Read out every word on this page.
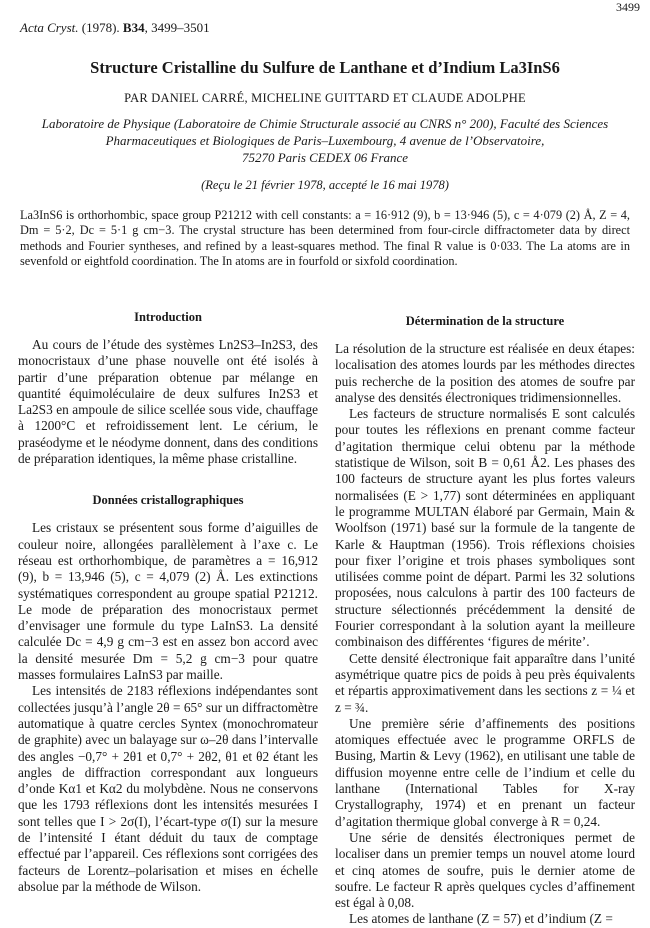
3499
Acta Cryst. (1978). B34, 3499–3501
Structure Cristalline du Sulfure de Lanthane et d’Indium La3InS6
PAR DANIEL CARRÉ, MICHELINE GUITTARD ET CLAUDE ADOLPHE
Laboratoire de Physique (Laboratoire de Chimie Structurale associé au CNRS n° 200), Faculté des Sciences
Pharmaceutiques et Biologiques de Paris–Luxembourg, 4 avenue de l’Observatoire,
75270 Paris CEDEX 06 France
(Reçu le 21 février 1978, accepté le 16 mai 1978)
La3InS6 is orthorhombic, space group P21212 with cell constants: a = 16·912 (9), b = 13·946 (5), c = 4·079 (2) Å, Z = 4, Dm = 5·2, Dc = 5·1 g cm−3. The crystal structure has been determined from four-circle diffractometer data by direct methods and Fourier syntheses, and refined by a least-squares method. The final R value is 0·033. The La atoms are in sevenfold or eightfold coordination. The In atoms are in fourfold or sixfold coordination.
Introduction

Au cours de l’étude des systèmes Ln2S3–In2S3, des monocristaux d’une phase nouvelle ont été isolés à partir d’une préparation obtenue par mélange en quantité équimoléculaire de deux sulfures In2S3 et La2S3 en ampoule de silice scellée sous vide, chauffage à 1200°C et refroidissement lent. Le cérium, le praséodyme et le néodyme donnent, dans des conditions de préparation identiques, la même phase cristalline.

Données cristallographiques

Les cristaux se présentent sous forme d’aiguilles de couleur noire, allongées parallèlement à l’axe c. Le réseau est orthorhombique, de paramètres a = 16,912 (9), b = 13,946 (5), c = 4,079 (2) Å. Les extinctions systématiques correspondent au groupe spatial P21212. Le mode de préparation des monocristaux permet d’envisager une formule du type LaInS3. La densité calculée Dc = 4,9 g cm−3 est en assez bon accord avec la densité mesurée Dm = 5,2 g cm−3 pour quatre masses formulaires LaInS3 par maille.

Les intensités de 2183 réflexions indépendantes sont collectées jusqu’à l’angle 2θ = 65° sur un diffractomètre automatique à quatre cercles Syntex (monochromateur de graphite) avec un balayage sur ω–2θ dans l’intervalle des angles −0,7° + 2θ1 et 0,7° + 2θ2, θ1 et θ2 étant les angles de diffraction correspondant aux longueurs d’onde Kα1 et Kα2 du molybdène. Nous ne conservons que les 1793 réflexions dont les intensités mesurées I sont telles que I > 2σ(I), l’écart-type σ(I) sur la mesure de l’intensité I étant déduit du taux de comptage effectué par l’appareil. Ces réflexions sont corrigées des facteurs de Lorentz–polarisation et mises en échelle absolue par la méthode de Wilson.

Détermination de la structure

La résolution de la structure est réalisée en deux étapes: localisation des atomes lourds par les méthodes directes puis recherche de la position des atomes de soufre par analyse des densités électroniques tridimensionnelles.

Les facteurs de structure normalisés E sont calculés pour toutes les réflexions en prenant comme facteur d’agitation thermique celui obtenu par la méthode statistique de Wilson, soit B = 0,61 Å2. Les phases des 100 facteurs de structure ayant les plus fortes valeurs normalisées (E > 1,77) sont déterminées en appliquant le programme MULTAN élaboré par Germain, Main & Woolfson (1971) basé sur la formule de la tangente de Karle & Hauptman (1956). Trois réflexions choisies pour fixer l’origine et trois phases symboliques sont utilisées comme point de départ. Parmi les 32 solutions proposées, nous calculons à partir des 100 facteurs de structure sélectionnés précédemment la densité de Fourier correspondant à la solution ayant la meilleure combinaison des différentes ‘figures de mérite’.

Cette densité électronique fait apparaître dans l’unité asymétrique quatre pics de poids à peu près équivalents et répartis approximativement dans les sections z = ¼ et z = ¾.

Une première série d’affinements des positions atomiques effectuée avec le programme ORFLS de Busing, Martin & Levy (1962), en utilisant une table de diffusion moyenne entre celle de l’indium et celle du lanthane (International Tables for X-ray Crystallography, 1974) et en prenant un facteur d’agitation thermique global converge à R = 0,24.

Une série de densités électroniques permet de localiser dans un premier temps un nouvel atome lourd et cinq atomes de soufre, puis le dernier atome de soufre. Le facteur R après quelques cycles d’affinement est égal à 0,08.

Les atomes de lanthane (Z = 57) et d’indium (Z =
